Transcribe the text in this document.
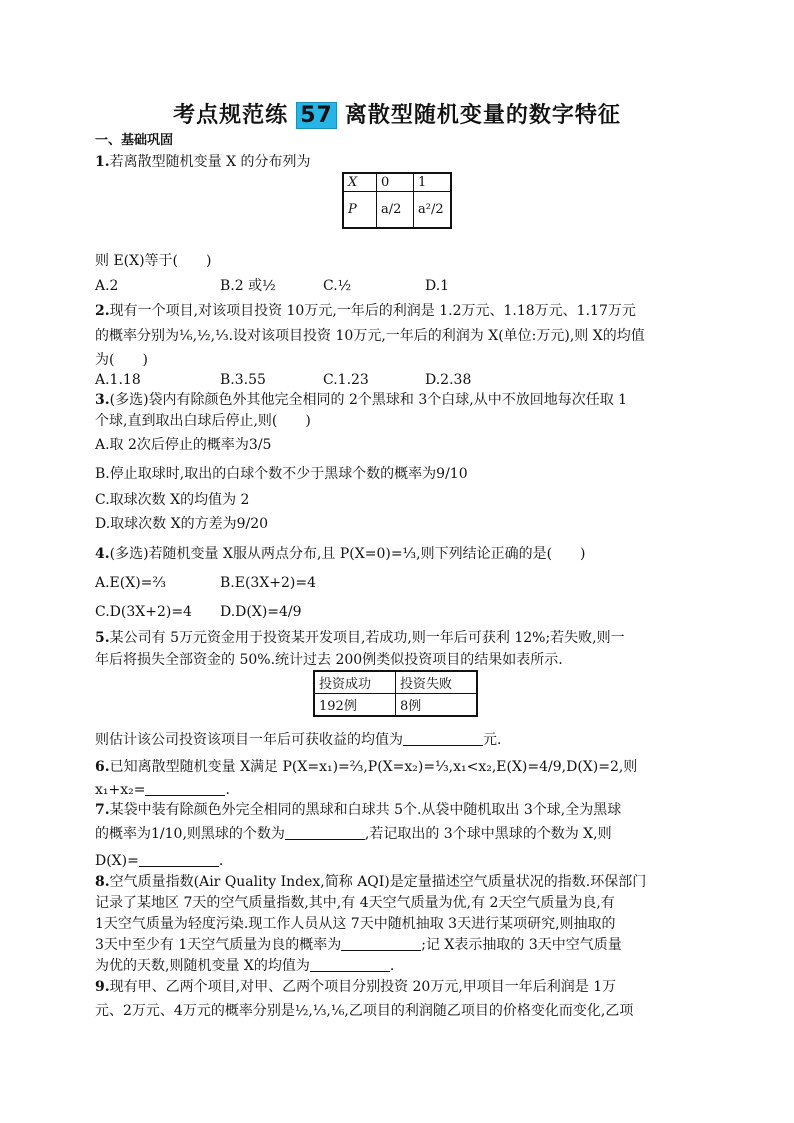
考点规范练 57 离散型随机变量的数字特征
一、基础巩固
1.若离散型随机变量 X 的分布列为
X	0	1
P	a/2	a²/2
则 E(X)等于(　　)
A.2	B.2 或½	C.½	D.1
2.现有一个项目,对该项目投资 10万元,一年后的利润是 1.2万元、1.18万元、1.17万元
的概率分别为⅙,½,⅓.设对该项目投资 10万元,一年后的利润为 X(单位:万元),则 X的均值
为(　　)
A.1.18	B.3.55	C.1.23	D.2.38
3.(多选)袋内有除颜色外其他完全相同的 2个黑球和 3个白球,从中不放回地每次任取 1
个球,直到取出白球后停止,则(　　)
A.取 2次后停止的概率为3/5
B.停止取球时,取出的白球个数不少于黑球个数的概率为9/10
C.取球次数 X的均值为 2
D.取球次数 X的方差为9/20
4.(多选)若随机变量 X服从两点分布,且 P(X=0)=⅓,则下列结论正确的是(　　)
A.E(X)=⅔	B.E(3X+2)=4
C.D(3X+2)=4 D.D(X)=4/9
5.某公司有 5万元资金用于投资某开发项目,若成功,则一年后可获利 12%;若失败,则一
年后将损失全部资金的 50%.统计过去 200例类似投资项目的结果如表所示.
投资成功	投资失败
192例	8例
则估计该公司投资该项目一年后可获收益的均值为	元.
6.已知离散型随机变量 X满足 P(X=x₁)=⅔,P(X=x₂)=⅓,x₁<x₂,E(X)=4/9,D(X)=2,则
x₁+x₂=	.
7.某袋中装有除颜色外完全相同的黑球和白球共 5个.从袋中随机取出 3个球,全为黑球
的概率为1/10,则黑球的个数为	,若记取出的 3个球中黑球的个数为 X,则
D(X)=	.
8.空气质量指数(Air Quality Index,简称 AQI)是定量描述空气质量状况的指数.环保部门
记录了某地区 7天的空气质量指数,其中,有 4天空气质量为优,有 2天空气质量为良,有
1天空气质量为轻度污染.现工作人员从这 7天中随机抽取 3天进行某项研究,则抽取的
3天中至少有 1天空气质量为良的概率为	;记 X表示抽取的 3天中空气质量
为优的天数,则随机变量 X的均值为	.
9.现有甲、乙两个项目,对甲、乙两个项目分别投资 20万元,甲项目一年后利润是 1万
元、2万元、4万元的概率分别是½,⅓,⅙,乙项目的利润随乙项目的价格变化而变化,乙项
